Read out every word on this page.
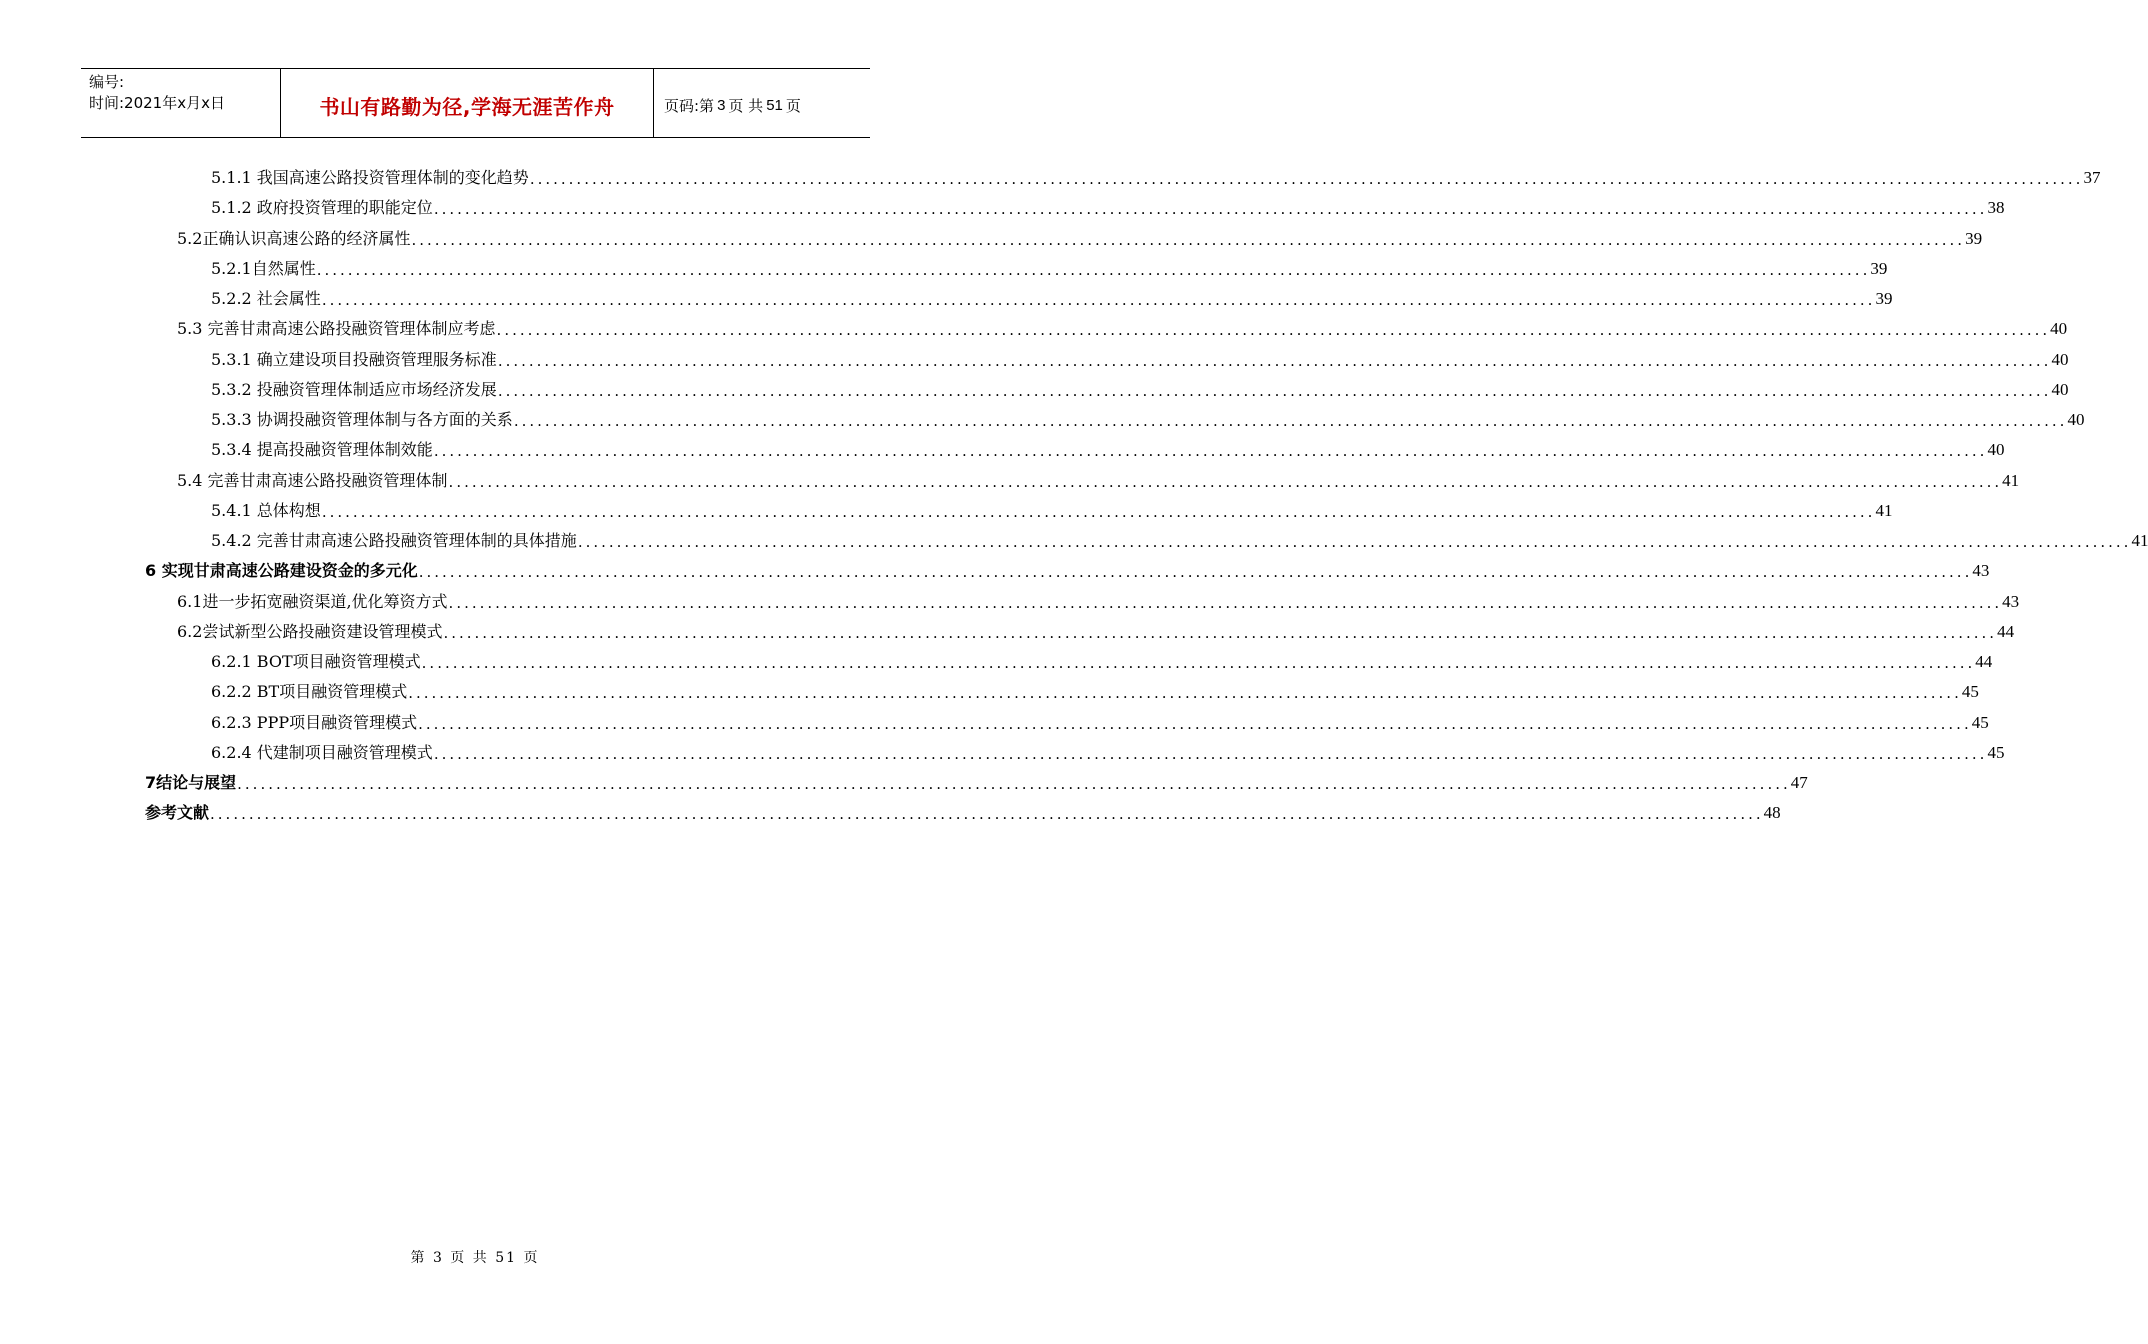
编号:
时间:2021年x月x日	书山有路勤为径,学海无涯苦作舟	页码:第 3 页 共 51 页
5.1.1 我国高速公路投资管理体制的变化趋势 ........................................................................................................................................................................................................ 37
5.1.2 政府投资管理的职能定位 ........................................................................................................................................................................................................ 38
5.2正确认识高速公路的经济属性 ........................................................................................................................................................................................................ 39
5.2.1自然属性 ........................................................................................................................................................................................................ 39
5.2.2 社会属性 ........................................................................................................................................................................................................ 39
5.3 完善甘肃高速公路投融资管理体制应考虑 ........................................................................................................................................................................................................ 40
5.3.1 确立建设项目投融资管理服务标准 ........................................................................................................................................................................................................ 40
5.3.2 投融资管理体制适应市场经济发展 ........................................................................................................................................................................................................ 40
5.3.3 协调投融资管理体制与各方面的关系 ........................................................................................................................................................................................................ 40
5.3.4 提高投融资管理体制效能 ........................................................................................................................................................................................................ 40
5.4 完善甘肃高速公路投融资管理体制 ........................................................................................................................................................................................................ 41
5.4.1 总体构想 ........................................................................................................................................................................................................ 41
5.4.2 完善甘肃高速公路投融资管理体制的具体措施 ........................................................................................................................................................................................................ 41
6 实现甘肃高速公路建设资金的多元化 ........................................................................................................................................................................................................ 43
6.1进一步拓宽融资渠道,优化筹资方式 ........................................................................................................................................................................................................ 43
6.2尝试新型公路投融资建设管理模式 ........................................................................................................................................................................................................ 44
6.2.1 BOT项目融资管理模式 ........................................................................................................................................................................................................ 44
6.2.2 BT项目融资管理模式 ........................................................................................................................................................................................................ 45
6.2.3 PPP项目融资管理模式 ........................................................................................................................................................................................................ 45
6.2.4 代建制项目融资管理模式 ........................................................................................................................................................................................................ 45
7结论与展望 ........................................................................................................................................................................................................ 47
参考文献 ........................................................................................................................................................................................................ 48
第 3 页 共 51 页
